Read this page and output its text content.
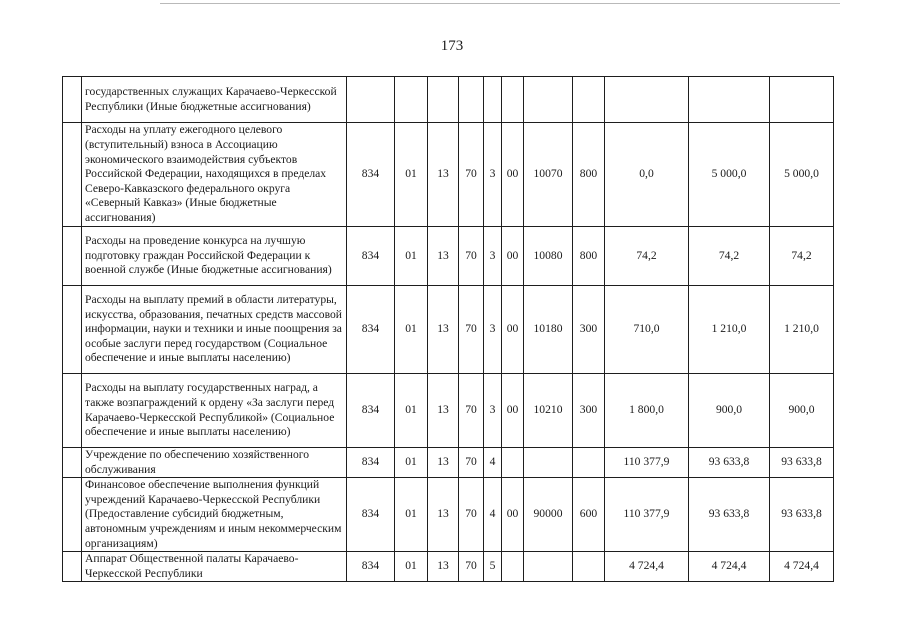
173
	государственных служащих Карачаево-Черкесской Республики (Иные бюджетные ассигнования)											
	Расходы на уплату ежегодного целевого (вступительный) взноса в Ассоциацию экономического взаимодействия субъектов Российской Федерации, находящихся в пределах Северо-Кавказского федерального округа «Северный Кавказ» (Иные бюджетные ассигнования)	834	01	13	70	3	00	10070	800	0,0	5 000,0	5 000,0
	Расходы на проведение конкурса на лучшую подготовку граждан Российской Федерации к военной службе (Иные бюджетные ассигнования)	834	01	13	70	3	00	10080	800	74,2	74,2	74,2
	Расходы на выплату премий в области литературы, искусства, образования, печатных средств массовой информации, науки и техники и иные поощрения за особые заслуги перед государством (Социальное обеспечение и иные выплаты населению)	834	01	13	70	3	00	10180	300	710,0	1 210,0	1 210,0
	Расходы на выплату государственных наград, а также возпаграждений к ордену «За заслуги перед Карачаево-Черкесской Республикой» (Социальное обеспечение и иные выплаты населению)	834	01	13	70	3	00	10210	300	1 800,0	900,0	900,0
	Учреждение по обеспечению хозяйственного обслуживания	834	01	13	70	4				110 377,9	93 633,8	93 633,8
	Финансовое обеспечение выполнения функций учреждений Карачаево-Черкесской Республики (Предоставление субсидий бюджетным, автономным учреждениям и иным некоммерческим организациям)	834	01	13	70	4	00	90000	600	110 377,9	93 633,8	93 633,8
	Аппарат Общественной палаты Карачаево-Черкесской Республики	834	01	13	70	5				4 724,4	4 724,4	4 724,4
